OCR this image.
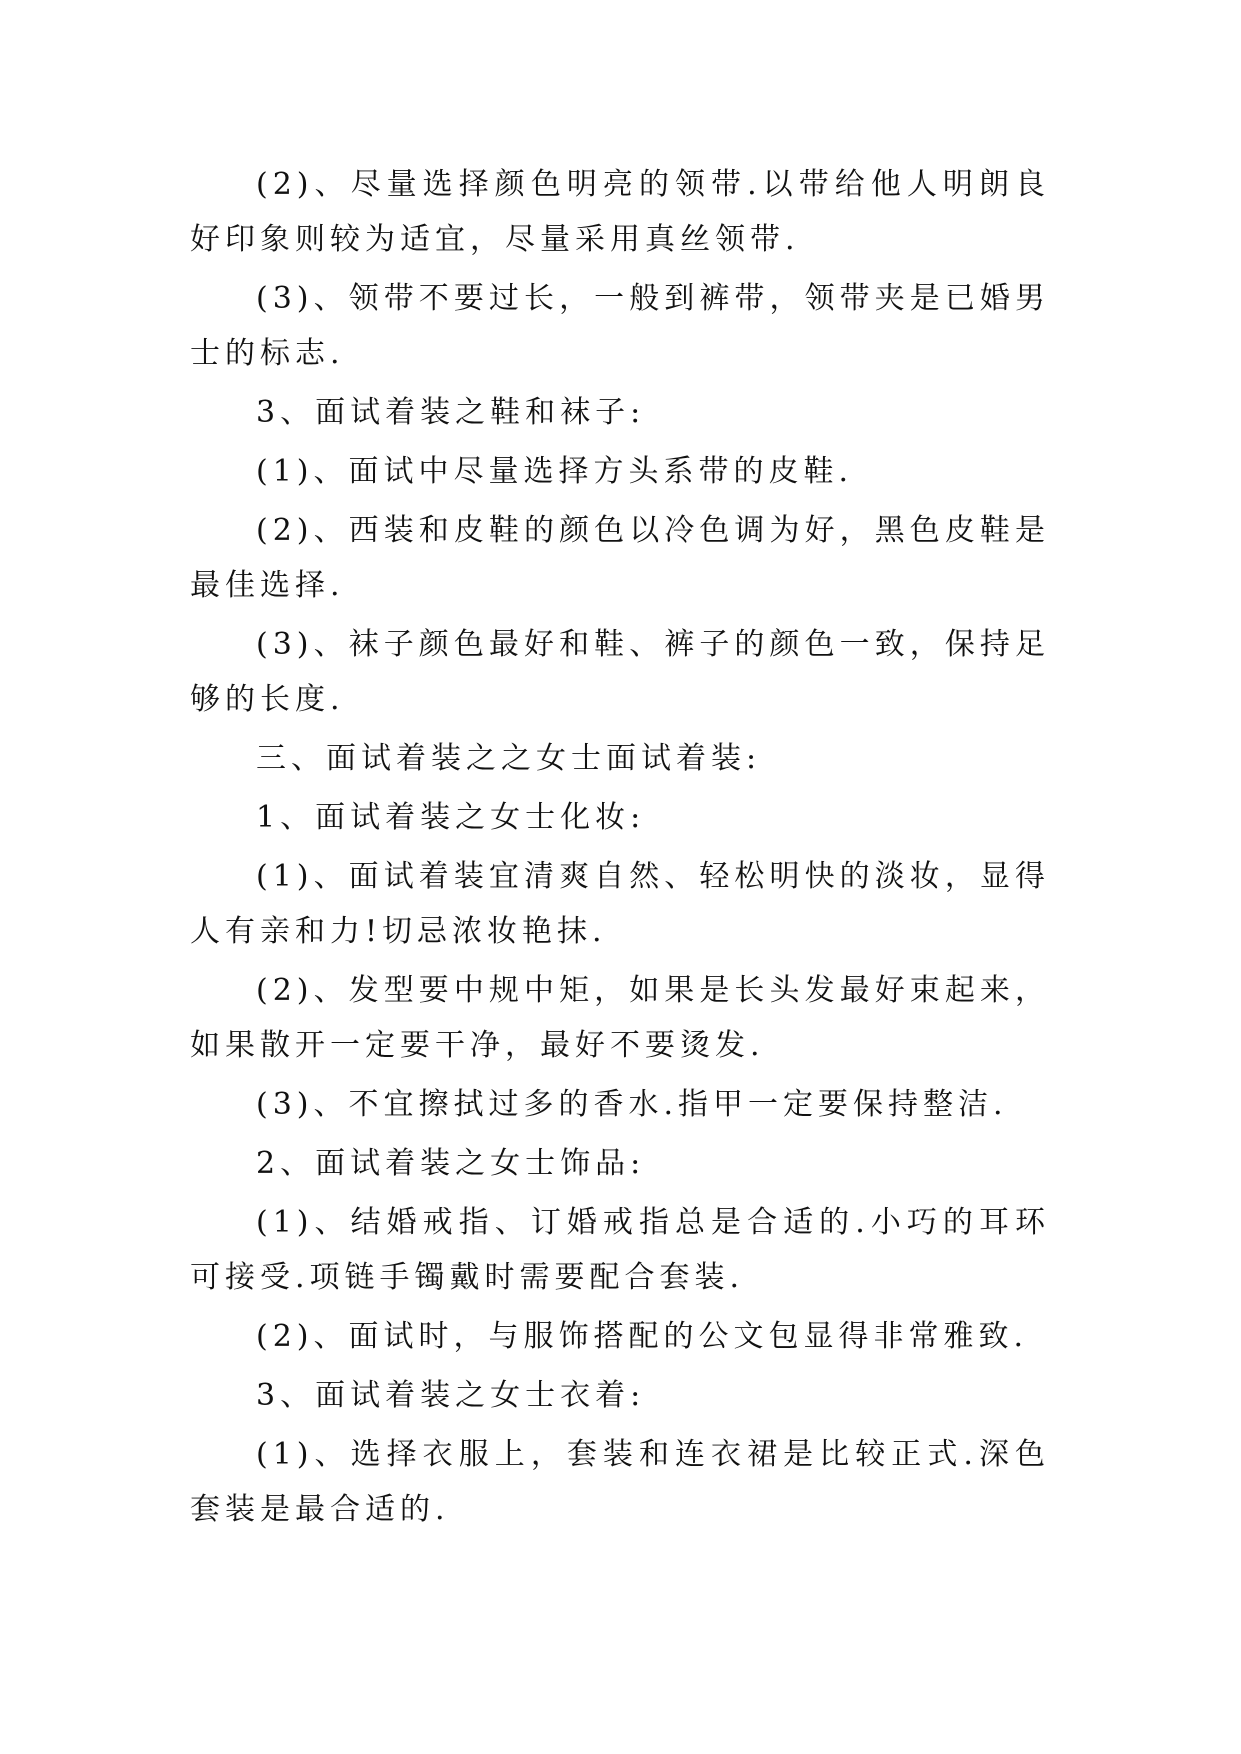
(2)、尽量选择颜色明亮的领带.以带给他人明朗良好印象则较为适宜，尽量采用真丝领带.

(3)、领带不要过长，一般到裤带，领带夹是已婚男士的标志.

3、面试着装之鞋和袜子:

(1)、面试中尽量选择方头系带的皮鞋.

(2)、西装和皮鞋的颜色以冷色调为好，黑色皮鞋是最佳选择.

(3)、袜子颜色最好和鞋、裤子的颜色一致，保持足够的长度.

三、面试着装之之女士面试着装:

1、面试着装之女士化妆:

(1)、面试着装宜清爽自然、轻松明快的淡妆，显得人有亲和力!切忌浓妆艳抹.

(2)、发型要中规中矩，如果是长头发最好束起来，如果散开一定要干净，最好不要烫发.

(3)、不宜擦拭过多的香水.指甲一定要保持整洁.

2、面试着装之女士饰品:

(1)、结婚戒指、订婚戒指总是合适的.小巧的耳环可接受.项链手镯戴时需要配合套装.

(2)、面试时，与服饰搭配的公文包显得非常雅致.

3、面试着装之女士衣着:

(1)、选择衣服上，套装和连衣裙是比较正式.深色套装是最合适的.
